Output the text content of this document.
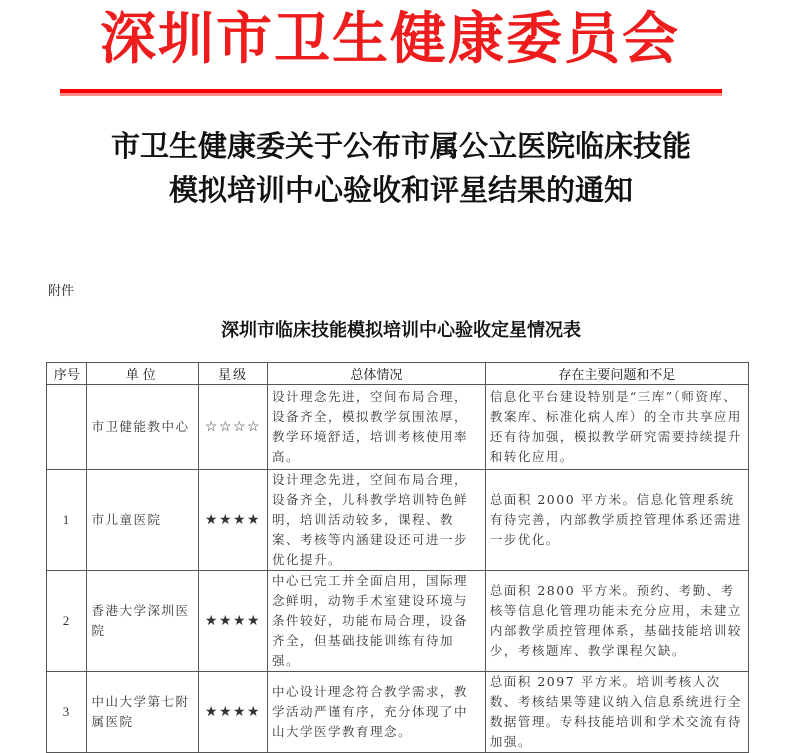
深圳市卫生健康委员会
市卫生健康委关于公布市属公立医院临床技能
模拟培训中心验收和评星结果的通知
附件
深圳市临床技能模拟培训中心验收定星情况表
序号	单位	星级	总体情况	存在主要问题和不足
	市卫健能教中心	☆☆☆☆	设计理念先进，空间布局合理，设备齐全，模拟教学氛围浓厚，教学环境舒适，培训考核使用率高。	信息化平台建设特别是“三库”（师资库、教案库、标准化病人库）的全市共享应用还有待加强，模拟教学研究需要持续提升和转化应用。
1	市儿童医院	★★★★	设计理念先进，空间布局合理，设备齐全，儿科教学培训特色鲜明，培训活动较多，课程、教案、考核等内涵建设还可进一步优化提升。	总面积 2000 平方米。信息化管理系统有待完善，内部教学质控管理体系还需进一步优化。
2	香港大学深圳医院	★★★★	中心已完工并全面启用，国际理念鲜明，动物手术室建设环境与条件较好，功能布局合理，设备齐全，但基础技能训练有待加强。	总面积 2800 平方米。预约、考勤、考核等信息化管理功能未充分应用，未建立内部教学质控管理体系，基础技能培训较少，考核题库、教学课程欠缺。
3	中山大学第七附属医院	★★★★	中心设计理念符合教学需求，教学活动严谨有序，充分体现了中山大学医学教育理念。	总面积 2097 平方米。培训考核人次数、考核结果等建议纳入信息系统进行全数据管理。专科技能培训和学术交流有待加强。
